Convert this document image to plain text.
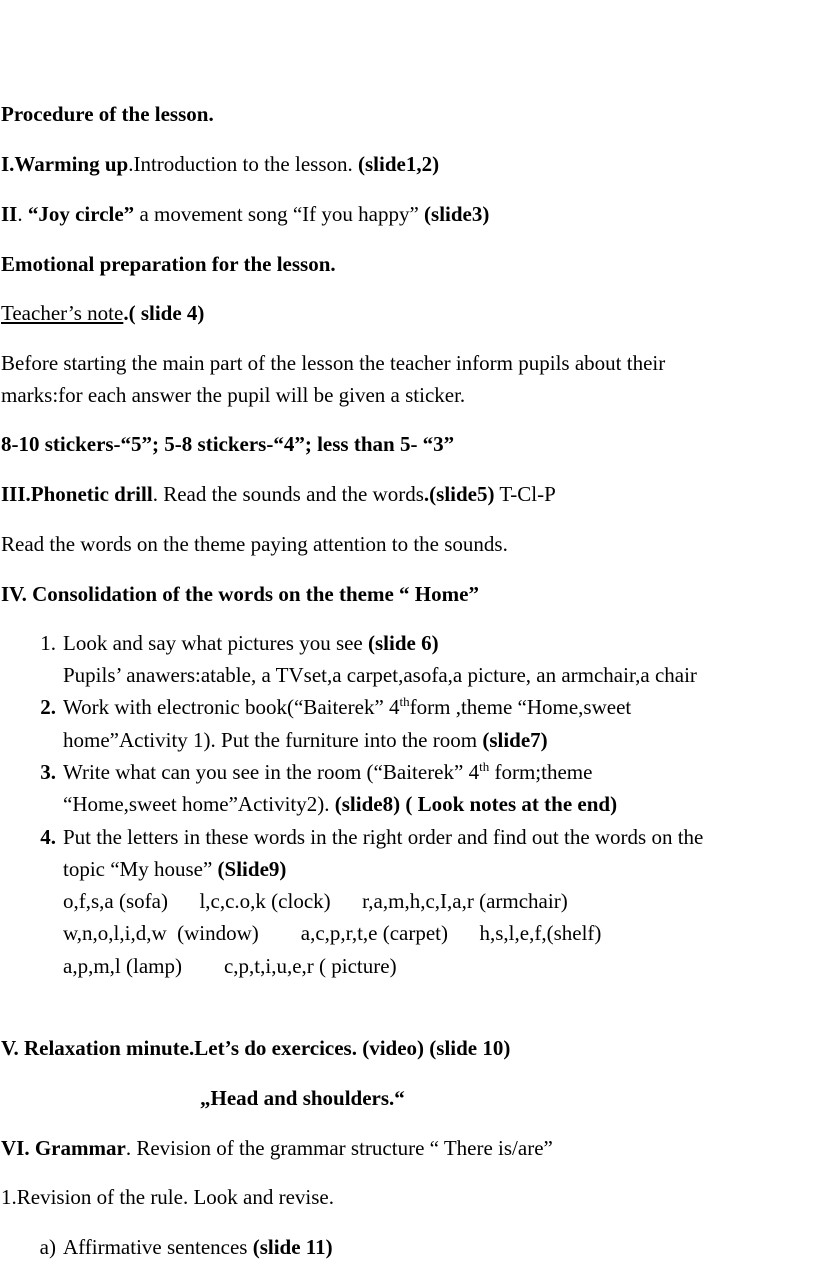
Procedure of the lesson.
I.Warming up.Introduction to the lesson. (slide1,2)
II. “Joy circle” a movement song “If you happy” (slide3)
Emotional preparation for the lesson.
Teacher’s note.( slide 4)
Before starting the main part of the lesson the teacher inform pupils about their
marks:for each answer the pupil will be given a sticker.
8-10 stickers-“5”; 5-8 stickers-“4”; less than 5- “3”
III.Phonetic drill. Read the sounds and the words.(slide5) T-Cl-P
Read the words on the theme paying attention to the sounds.
IV. Consolidation of the words on the theme “ Home”
1. Look and say what pictures you see (slide 6)
Pupils’ anawers:atable, a TVset,a carpet,asofa,a picture, an armchair,a chair
2. Work with electronic book(“Baiterek” 4thform ,theme “Home,sweet
home”Activity 1). Put the furniture into the room (slide7)
3. Write what can you see in the room (“Baiterek” 4th form;theme
“Home,sweet home”Activity2). (slide8) ( Look notes at the end)
4. Put the letters in these words in the right order and find out the words on the
topic “My house” (Slide9)
o,f,s,a (sofa)      l,c,c.o,k (clock)      r,a,m,h,c,I,a,r (armchair)
w,n,o,l,i,d,w  (window)        a,c,p,r,t,e (carpet)      h,s,l,e,f,(shelf)
a,p,m,l (lamp)        c,p,t,i,u,e,r ( picture)
V. Relaxation minute.Let’s do exercices. (video) (slide 10)
„Head and shoulders.“
VI. Grammar. Revision of the grammar structure “ There is/are”
1.Revision of the rule. Look and revise.
a) Affirmative sentences (slide 11)
